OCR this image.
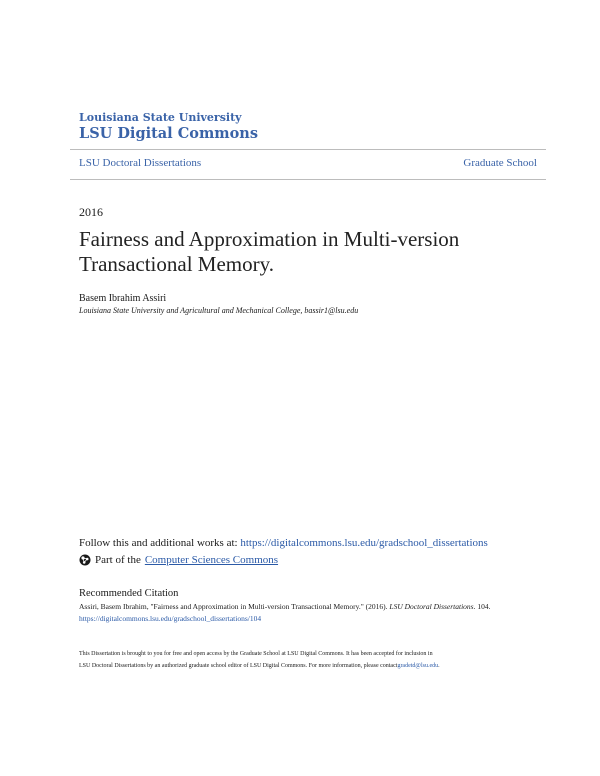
Louisiana State University
LSU Digital Commons
LSU Doctoral Dissertations	Graduate School
2016
Fairness and Approximation in Multi-version Transactional Memory.
Basem Ibrahim Assiri
Louisiana State University and Agricultural and Mechanical College, bassir1@lsu.edu
Follow this and additional works at: https://digitalcommons.lsu.edu/gradschool_dissertations
Part of the Computer Sciences Commons
Recommended Citation
Assiri, Basem Ibrahim, "Fairness and Approximation in Multi-version Transactional Memory." (2016). LSU Doctoral Dissertations. 104.
https://digitalcommons.lsu.edu/gradschool_dissertations/104
This Dissertation is brought to you for free and open access by the Graduate School at LSU Digital Commons. It has been accepted for inclusion in
LSU Doctoral Dissertations by an authorized graduate school editor of LSU Digital Commons. For more information, please contactgradetd@lsu.edu.
